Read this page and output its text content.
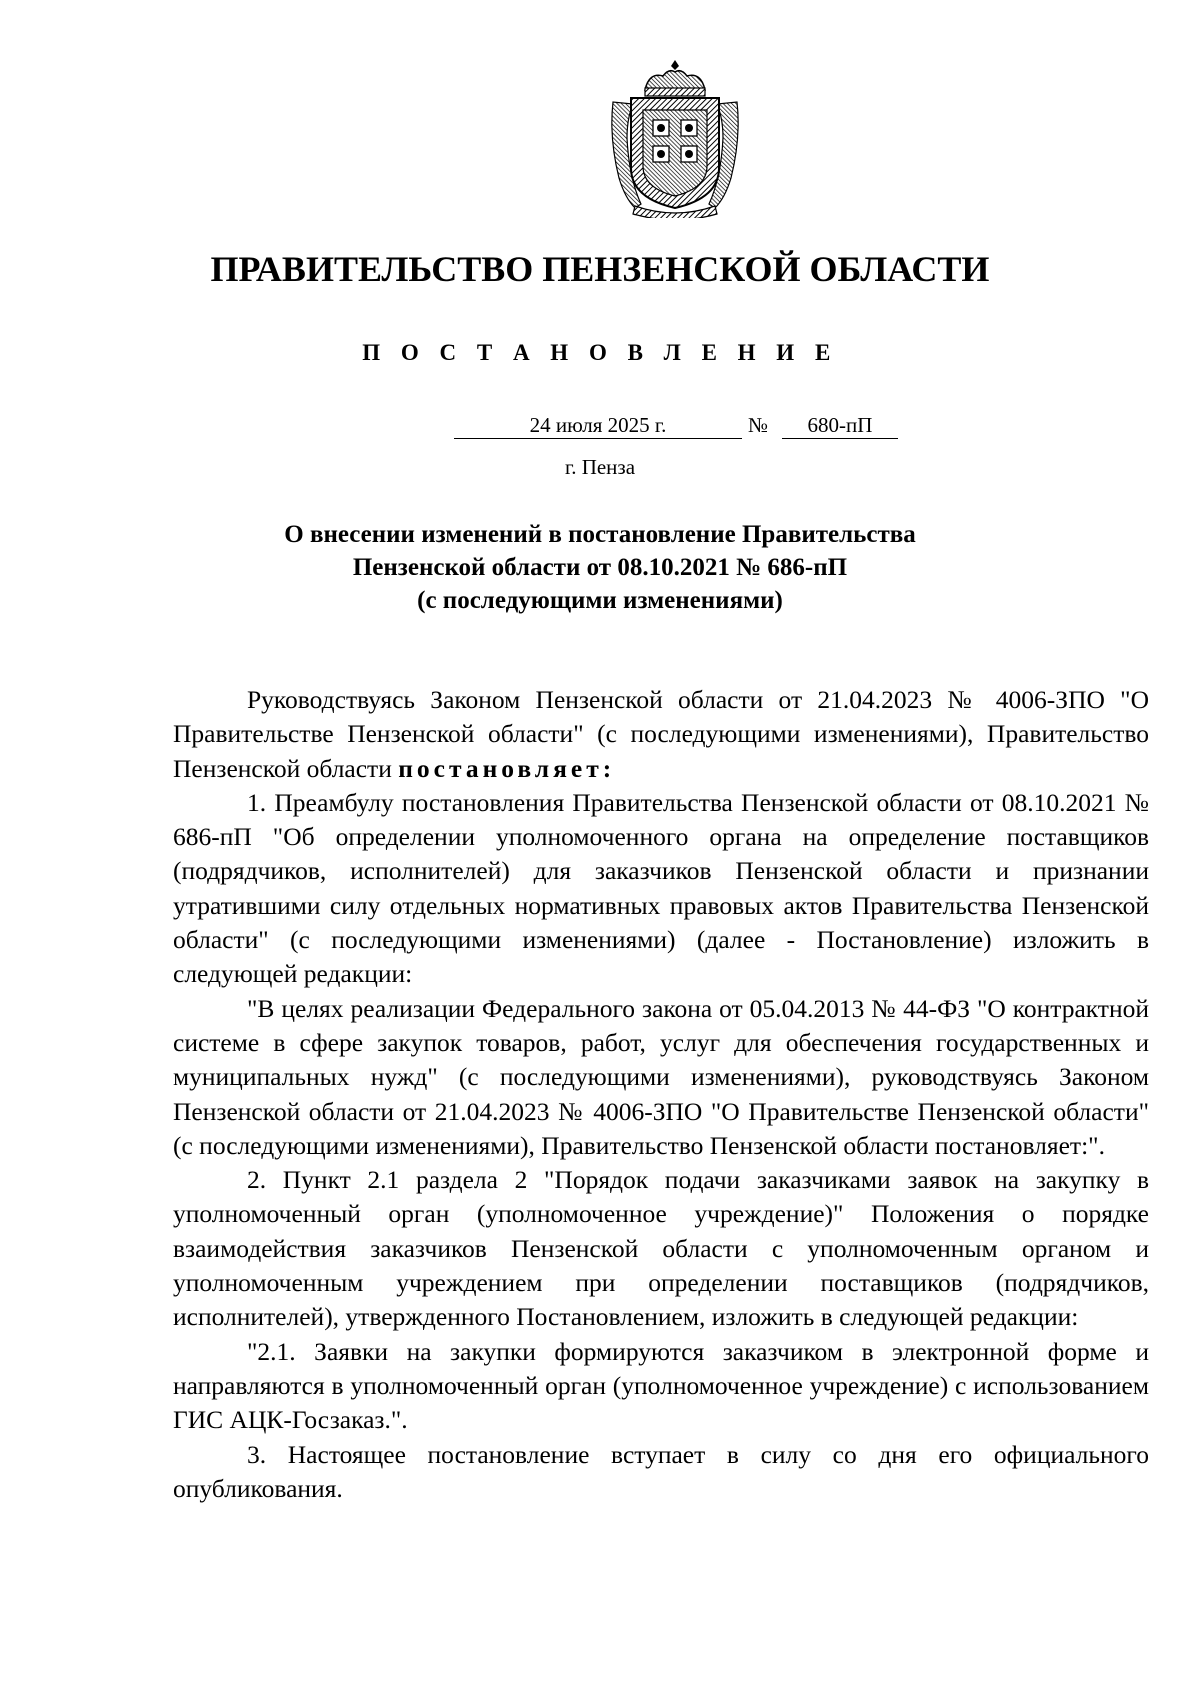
ПРАВИТЕЛЬСТВО ПЕНЗЕНСКОЙ ОБЛАСТИ
П О С Т А Н О В Л Е Н И Е
24 июля 2025 г.	№	680-пП
г. Пенза
О внесении изменений в постановление Правительства
Пензенской области от 08.10.2021 № 686-пП
(с последующими изменениями)

Руководствуясь Законом Пензенской области от 21.04.2023 № 4006-ЗПО "О Правительстве Пензенской области" (с последующими изменениями), Правительство Пензенской области постановляет:

1. Преамбулу постановления Правительства Пензенской области от 08.10.2021 № 686-пП "Об определении уполномоченного органа на определение поставщиков (подрядчиков, исполнителей) для заказчиков Пензенской области и признании утратившими силу отдельных нормативных правовых актов Правительства Пензенской области" (с последующими изменениями) (далее - Постановление) изложить в следующей редакции:

"В целях реализации Федерального закона от 05.04.2013 № 44-ФЗ "О контрактной системе в сфере закупок товаров, работ, услуг для обеспечения государственных и муниципальных нужд" (с последующими изменениями), руководствуясь Законом Пензенской области от 21.04.2023 № 4006-ЗПО "О Правительстве Пензенской области" (с последующими изменениями), Правительство Пензенской области постановляет:".

2. Пункт 2.1 раздела 2 "Порядок подачи заказчиками заявок на закупку в уполномоченный орган (уполномоченное учреждение)" Положения о порядке взаимодействия заказчиков Пензенской области с уполномоченным органом и уполномоченным учреждением при определении поставщиков (подрядчиков, исполнителей), утвержденного Постановлением, изложить в следующей редакции:

"2.1. Заявки на закупки формируются заказчиком в электронной форме и направляются в уполномоченный орган (уполномоченное учреждение) с использованием ГИС АЦК-Госзаказ.".

3. Настоящее постановление вступает в силу со дня его официального опубликования.
